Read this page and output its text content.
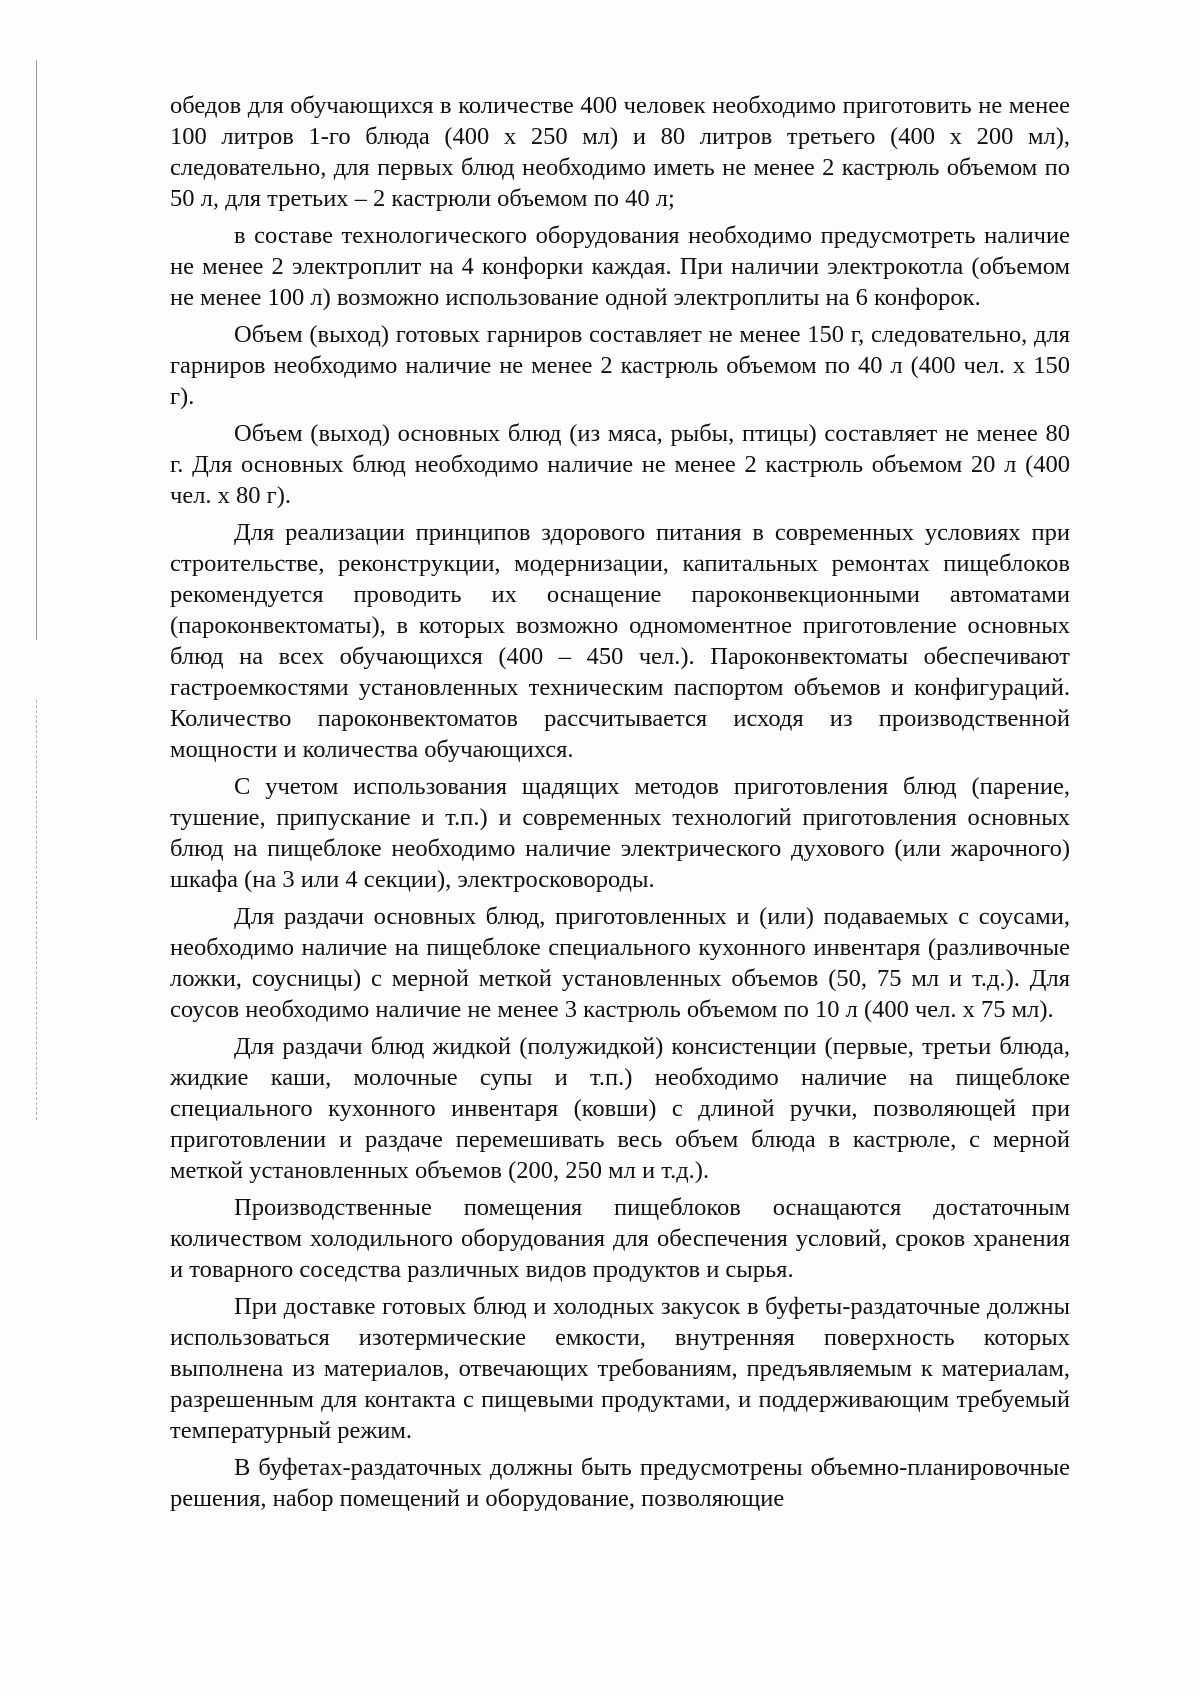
обедов для обучающихся в количестве 400 человек необходимо приготовить не менее 100 литров 1-го блюда (400 x 250 мл) и 80 литров третьего (400 x 200 мл), следовательно, для первых блюд необходимо иметь не менее 2 кастрюль объемом по 50 л, для третьих – 2 кастрюли объемом по 40 л;

в составе технологического оборудования необходимо предусмотреть наличие не менее 2 электроплит на 4 конфорки каждая. При наличии электрокотла (объемом не менее 100 л) возможно использование одной электроплиты на 6 конфорок.

Объем (выход) готовых гарниров составляет не менее 150 г, следовательно, для гарниров необходимо наличие не менее 2 кастрюль объемом по 40 л (400 чел. x 150 г).

Объем (выход) основных блюд (из мяса, рыбы, птицы) составляет не менее 80 г. Для основных блюд необходимо наличие не менее 2 кастрюль объемом 20 л (400 чел. x 80 г).

Для реализации принципов здорового питания в современных условиях при строительстве, реконструкции, модернизации, капитальных ремонтах пищеблоков рекомендуется проводить их оснащение пароконвекционными автоматами (пароконвектоматы), в которых возможно одномоментное приготовление основных блюд на всех обучающихся (400 – 450 чел.). Пароконвектоматы обеспечивают гастроемкостями установленных техническим паспортом объемов и конфигураций. Количество пароконвектоматов рассчитывается исходя из производственной мощности и количества обучающихся.

С учетом использования щадящих методов приготовления блюд (парение, тушение, припускание и т.п.) и современных технологий приготовления основных блюд на пищеблоке необходимо наличие электрического духового (или жарочного) шкафа (на 3 или 4 секции), электросковороды.

Для раздачи основных блюд, приготовленных и (или) подаваемых с соусами, необходимо наличие на пищеблоке специального кухонного инвентаря (разливочные ложки, соусницы) с мерной меткой установленных объемов (50, 75 мл и т.д.). Для соусов необходимо наличие не менее 3 кастрюль объемом по 10 л (400 чел. x 75 мл).

Для раздачи блюд жидкой (полужидкой) консистенции (первые, третьи блюда, жидкие каши, молочные супы и т.п.) необходимо наличие на пищеблоке специального кухонного инвентаря (ковши) с длиной ручки, позволяющей при приготовлении и раздаче перемешивать весь объем блюда в кастрюле, с мерной меткой установленных объемов (200, 250 мл и т.д.).

Производственные помещения пищеблоков оснащаются достаточным количеством холодильного оборудования для обеспечения условий, сроков хранения и товарного соседства различных видов продуктов и сырья.

При доставке готовых блюд и холодных закусок в буфеты-раздаточные должны использоваться изотермические емкости, внутренняя поверхность которых выполнена из материалов, отвечающих требованиям, предъявляемым к материалам, разрешенным для контакта с пищевыми продуктами, и поддерживающим требуемый температурный режим.

В буфетах-раздаточных должны быть предусмотрены объемно-планировочные решения, набор помещений и оборудование, позволяющие
